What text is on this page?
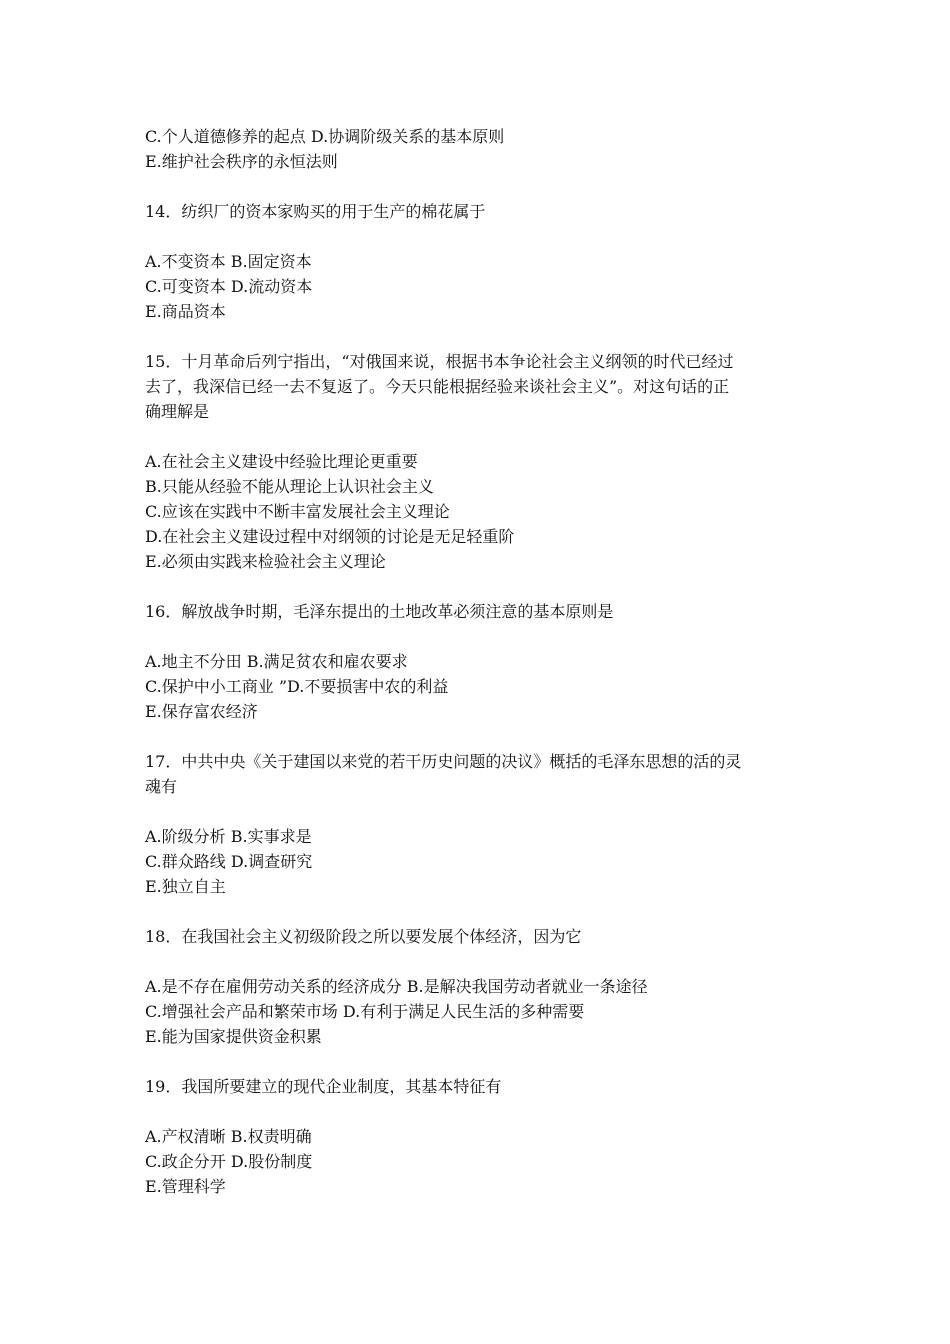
C.个人道德修养的起点 D.协调阶级关系的基本原则
E.维护社会秩序的永恒法则
14．纺织厂的资本家购买的用于生产的棉花属于
A.不变资本 B.固定资本
C.可变资本 D.流动资本
E.商品资本
15．十月革命后列宁指出，“对俄国来说，根据书本争论社会主义纲领的时代已经过
去了，我深信已经一去不复返了。今天只能根据经验来谈社会主义”。对这句话的正
确理解是
A.在社会主义建设中经验比理论更重要
B.只能从经验不能从理论上认识社会主义
C.应该在实践中不断丰富发展社会主义理论
D.在社会主义建设过程中对纲领的讨论是无足轻重阶
E.必须由实践来检验社会主义理论
16．解放战争时期，毛泽东提出的土地改革必须注意的基本原则是
A.地主不分田 B.满足贫农和雇农要求
C.保护中小工商业 ”D.不要损害中农的利益
E.保存富农经济
17．中共中央《关于建国以来党的若干历史问题的决议》概括的毛泽东思想的活的灵
魂有
A.阶级分析 B.实事求是
C.群众路线 D.调查研究
E.独立自主
18．在我国社会主义初级阶段之所以要发展个体经济，因为它
A.是不存在雇佣劳动关系的经济成分 B.是解决我国劳动者就业一条途径
C.增强社会产品和繁荣市场 D.有利于满足人民生活的多种需要
E.能为国家提供资金积累
19．我国所要建立的现代企业制度，其基本特征有
A.产权清晰 B.权责明确
C.政企分开 D.股份制度
E.管理科学
